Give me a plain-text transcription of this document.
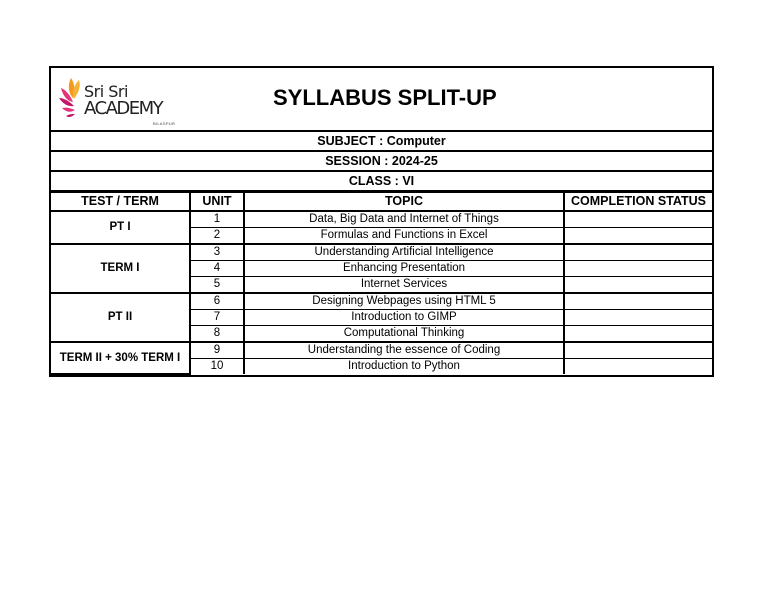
Sri Sri
ACADEMY
BILASPUR
SYLLABUS SPLIT-UP
SUBJECT : Computer
SESSION : 2024-25
CLASS : VI
TEST / TERM	UNIT	TOPIC	COMPLETION STATUS
PT I	1	Data, Big Data and Internet of Things	
	2	Formulas and Functions in Excel	
TERM I	3	Understanding Artificial Intelligence	
	4	Enhancing Presentation	
	5	Internet Services	
PT II	6	Designing Webpages using HTML 5	
	7	Introduction to GIMP	
	8	Computational Thinking	
TERM II + 30% TERM I	9	Understanding the essence of Coding	
	10	Introduction to Python	
